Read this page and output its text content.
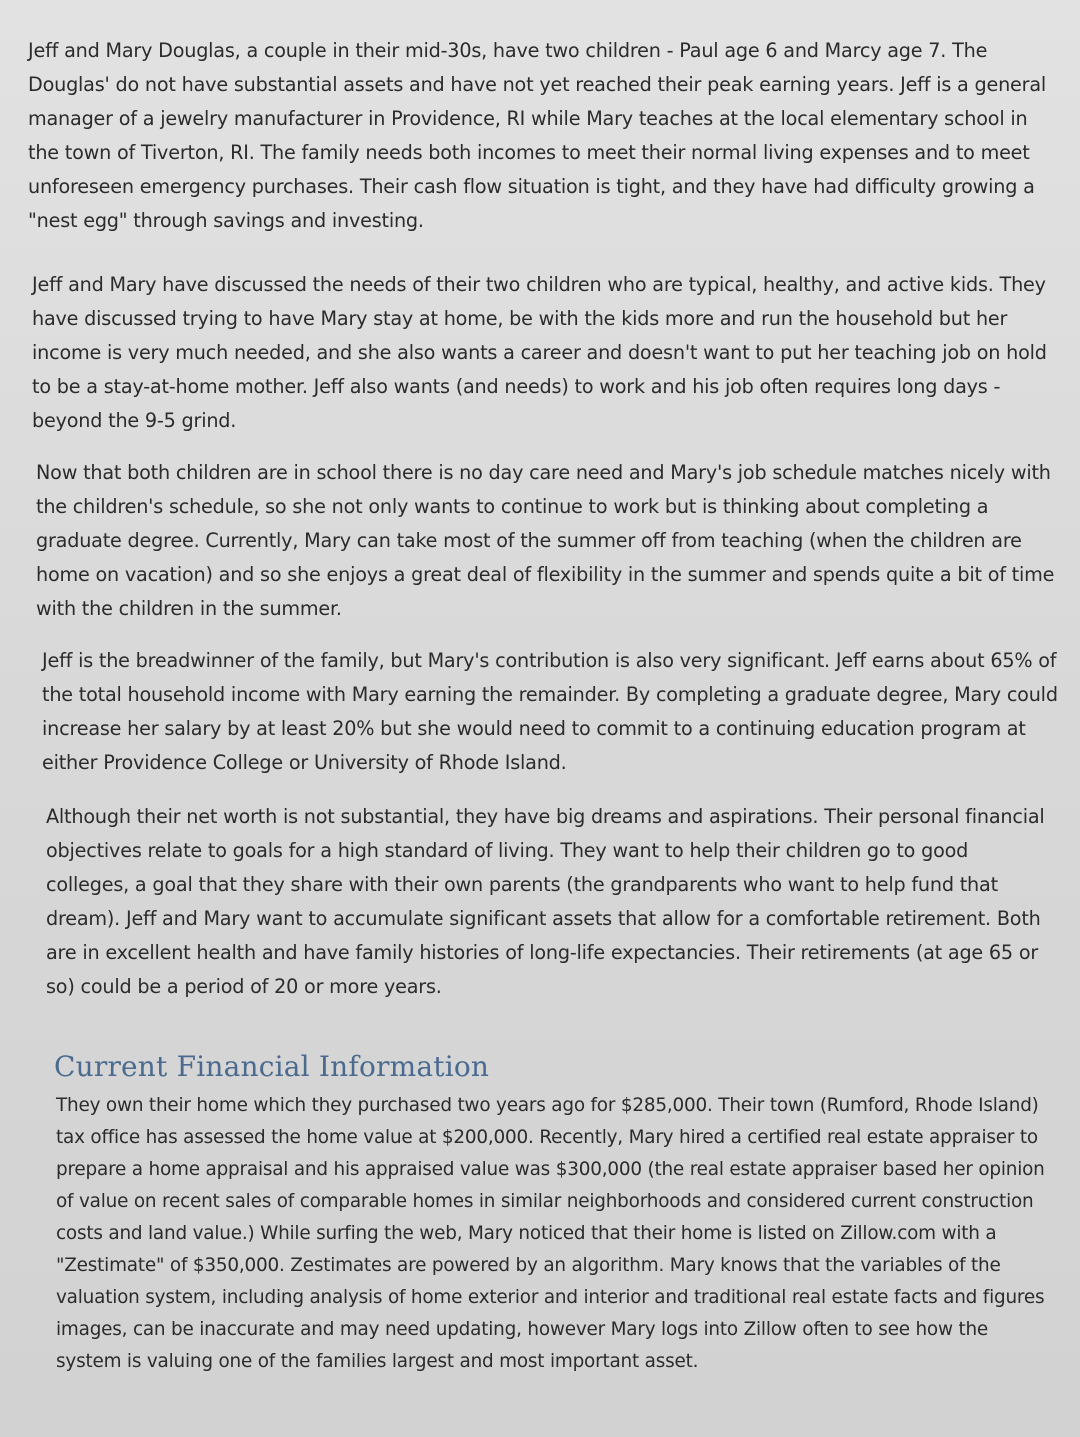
Jeff and Mary Douglas, a couple in their mid-30s, have two children - Paul age 6 and Marcy age 7. The Douglas' do not have substantial assets and have not yet reached their peak earning years. Jeff is a general manager of a jewelry manufacturer in Providence, RI while Mary teaches at the local elementary school in the town of Tiverton, RI. The family needs both incomes to meet their normal living expenses and to meet unforeseen emergency purchases. Their cash flow situation is tight, and they have had difficulty growing a "nest egg" through savings and investing.

Jeff and Mary have discussed the needs of their two children who are typical, healthy, and active kids. They have discussed trying to have Mary stay at home, be with the kids more and run the household but her income is very much needed, and she also wants a career and doesn't want to put her teaching job on hold to be a stay-at-home mother. Jeff also wants (and needs) to work and his job often requires long days - beyond the 9-5 grind.

Now that both children are in school there is no day care need and Mary's job schedule matches nicely with the children's schedule, so she not only wants to continue to work but is thinking about completing a graduate degree. Currently, Mary can take most of the summer off from teaching (when the children are home on vacation) and so she enjoys a great deal of flexibility in the summer and spends quite a bit of time with the children in the summer.

Jeff is the breadwinner of the family, but Mary's contribution is also very significant. Jeff earns about 65% of the total household income with Mary earning the remainder. By completing a graduate degree, Mary could increase her salary by at least 20% but she would need to commit to a continuing education program at either Providence College or University of Rhode Island.

Although their net worth is not substantial, they have big dreams and aspirations. Their personal financial objectives relate to goals for a high standard of living. They want to help their children go to good colleges, a goal that they share with their own parents (the grandparents who want to help fund that dream). Jeff and Mary want to accumulate significant assets that allow for a comfortable retirement. Both are in excellent health and have family histories of long-life expectancies. Their retirements (at age 65 or so) could be a period of 20 or more years.

Current Financial Information

They own their home which they purchased two years ago for $285,000. Their town (Rumford, Rhode Island) tax office has assessed the home value at $200,000. Recently, Mary hired a certified real estate appraiser to prepare a home appraisal and his appraised value was $300,000 (the real estate appraiser based her opinion of value on recent sales of comparable homes in similar neighborhoods and considered current construction costs and land value.) While surfing the web, Mary noticed that their home is listed on Zillow.com with a "Zestimate" of $350,000. Zestimates are powered by an algorithm. Mary knows that the variables of the valuation system, including analysis of home exterior and interior and traditional real estate facts and figures images, can be inaccurate and may need updating, however Mary logs into Zillow often to see how the system is valuing one of the families largest and most important asset.
